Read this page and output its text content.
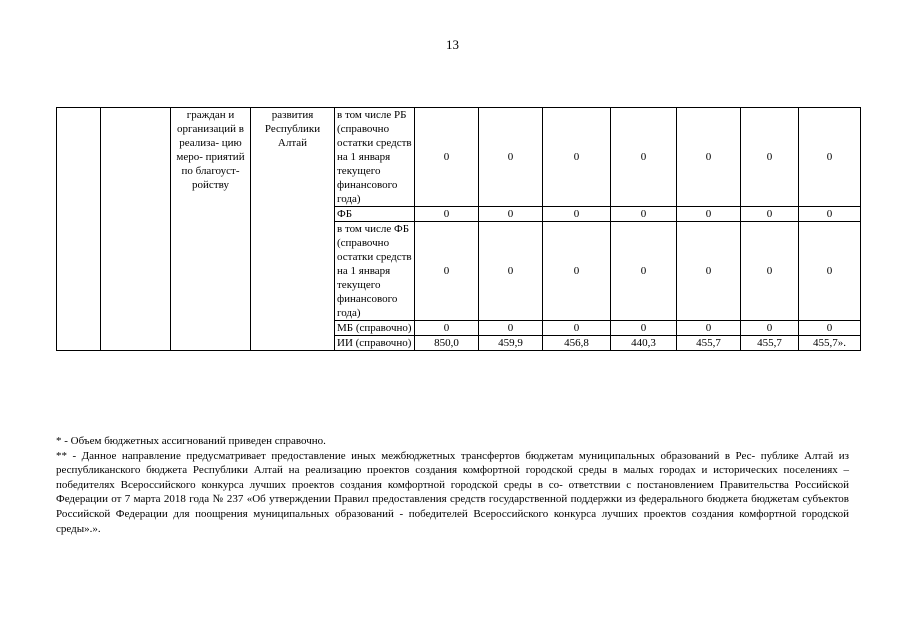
13
		граждан и организаций в реализа- цию меро- приятий по благоуст- ройству	развития Республики Алтай	в том числе РБ (справочно остатки средств на 1 января текущего финансового года)	0	0	0	0	0	0	0
				ФБ	0	0	0	0	0	0	0
				в том числе ФБ (справочно остатки средств на 1 января текущего финансового года)	0	0	0	0	0	0	0
				МБ (справочно)	0	0	0	0	0	0	0
				ИИ (справочно)	850,0	459,9	456,8	440,3	455,7	455,7	455,7».

* - Объем бюджетных ассигнований приведен справочно.

** - Данное направление предусматривает предоставление иных межбюджетных трансфертов бюджетам муниципальных образований в Рес- публике Алтай из республиканского бюджета Республики Алтай на реализацию проектов создания комфортной городской среды в малых городах и исторических поселениях – победителях Всероссийского конкурса лучших проектов создания комфортной городской среды в со- ответствии с постановлением Правительства Российской Федерации от 7 марта 2018 года № 237 «Об утверждении Правил предоставления средств государственной поддержки из федерального бюджета бюджетам субъектов Российской Федерации для поощрения муниципальных образований - победителей Всероссийского конкурса лучших проектов создания комфортной городской среды».».
